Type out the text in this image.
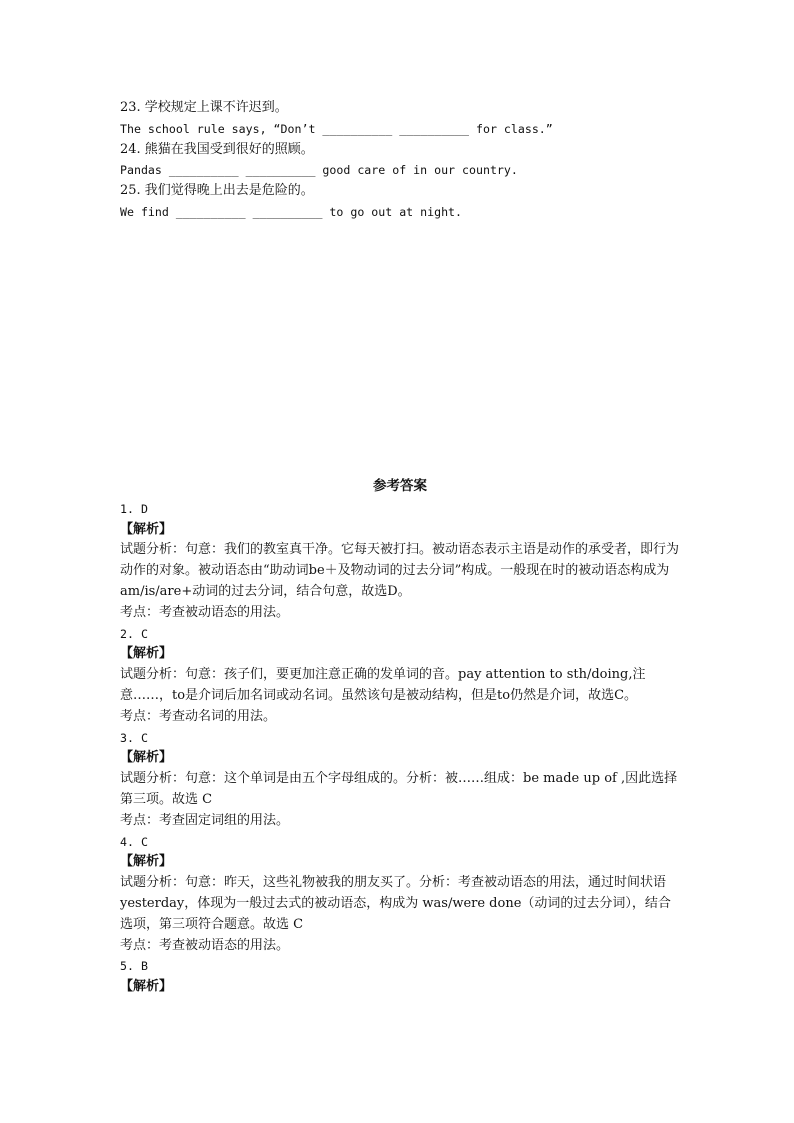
23. 学校规定上课不许迟到。
The school rule says, “Don’t __________ __________ for class.”
24. 熊猫在我国受到很好的照顾。
Pandas __________ __________ good care of in our country.
25. 我们觉得晚上出去是危险的。
We find __________ __________ to go out at night.
参考答案
1. D
【解析】
试题分析：句意：我们的教室真干净。它每天被打扫。被动语态表示主语是动作的承受者，即行为动作的对象。被动语态由“助动词be＋及物动词的过去分词”构成。一般现在时的被动语态构成为 am/is/are+动词的过去分词，结合句意，故选D。
考点：考查被动语态的用法。
2. C
【解析】
试题分析：句意：孩子们，要更加注意正确的发单词的音。pay attention to sth/doing,注意……，to是介词后加名词或动名词。虽然该句是被动结构，但是to仍然是介词，故选C。
考点：考查动名词的用法。
3. C
【解析】
试题分析：句意：这个单词是由五个字母组成的。分析：被……组成：be made up of ,因此选择第三项。故选 C
考点：考查固定词组的用法。
4. C
【解析】
试题分析：句意：昨天，这些礼物被我的朋友买了。分析：考查被动语态的用法，通过时间状语 yesterday，体现为一般过去式的被动语态，构成为 was/were done（动词的过去分词），结合选项，第三项符合题意。故选 C
考点：考查被动语态的用法。
5. B
【解析】
